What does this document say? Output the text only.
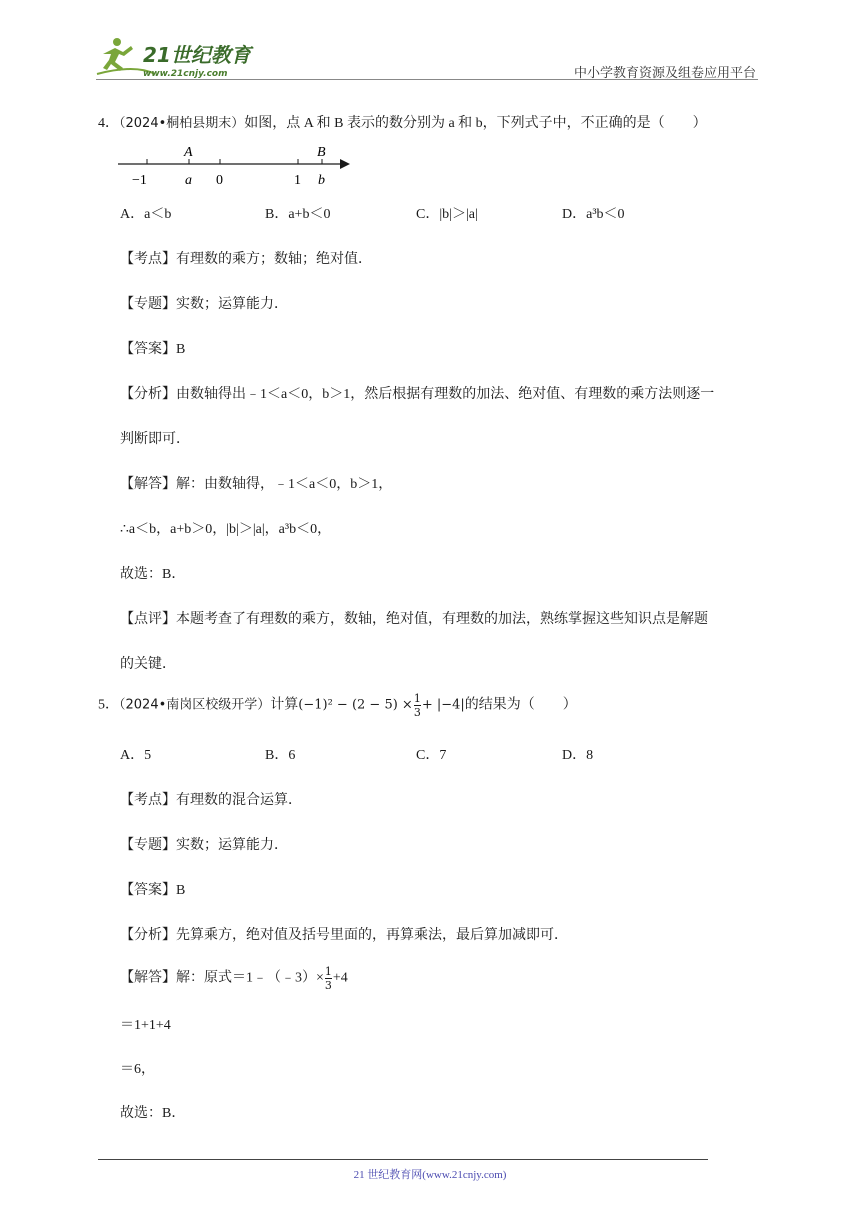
21世纪教育
www.21cnjy.com	中小学教育资源及组卷应用平台
4．（2024•桐柏县期末）如图，点 A 和 B 表示的数分别为 a 和 b，下列式子中，不正确的是（　　）
A	B
−1	a 0	1 b
A．a＜b	B．a+b＜0	C．|b|＞|a|	D．a³b＜0
【考点】有理数的乘方；数轴；绝对值．
【专题】实数；运算能力．
【答案】B
【分析】由数轴得出﹣1＜a＜0，b＞1，然后根据有理数的加法、绝对值、有理数的乘方法则逐一
判断即可．
【解答】解：由数轴得，﹣1＜a＜0，b＞1，
∴a＜b，a+b＞0，|b|＞|a|，a³b＜0，
故选：B．
【点评】本题考查了有理数的乘方，数轴，绝对值，有理数的加法，熟练掌握这些知识点是解题
的关键．
5．（2024•南岗区校级开学）计算$(-1)^2 - (2 - 5) \times \frac{1}{3} + |-4|$的结果为（　　）
A．5	B．6	C．7	D．8
【考点】有理数的混合运算．
【专题】实数；运算能力．
【答案】B
【分析】先算乘方，绝对值及括号里面的，再算乘法，最后算加减即可．
【解答】解：原式＝1﹣（﹣3）× $\frac{1}{3} +4$
＝1+1+4
＝6，
故选：B．
21 世纪教育网(www.21cnjy.com)
